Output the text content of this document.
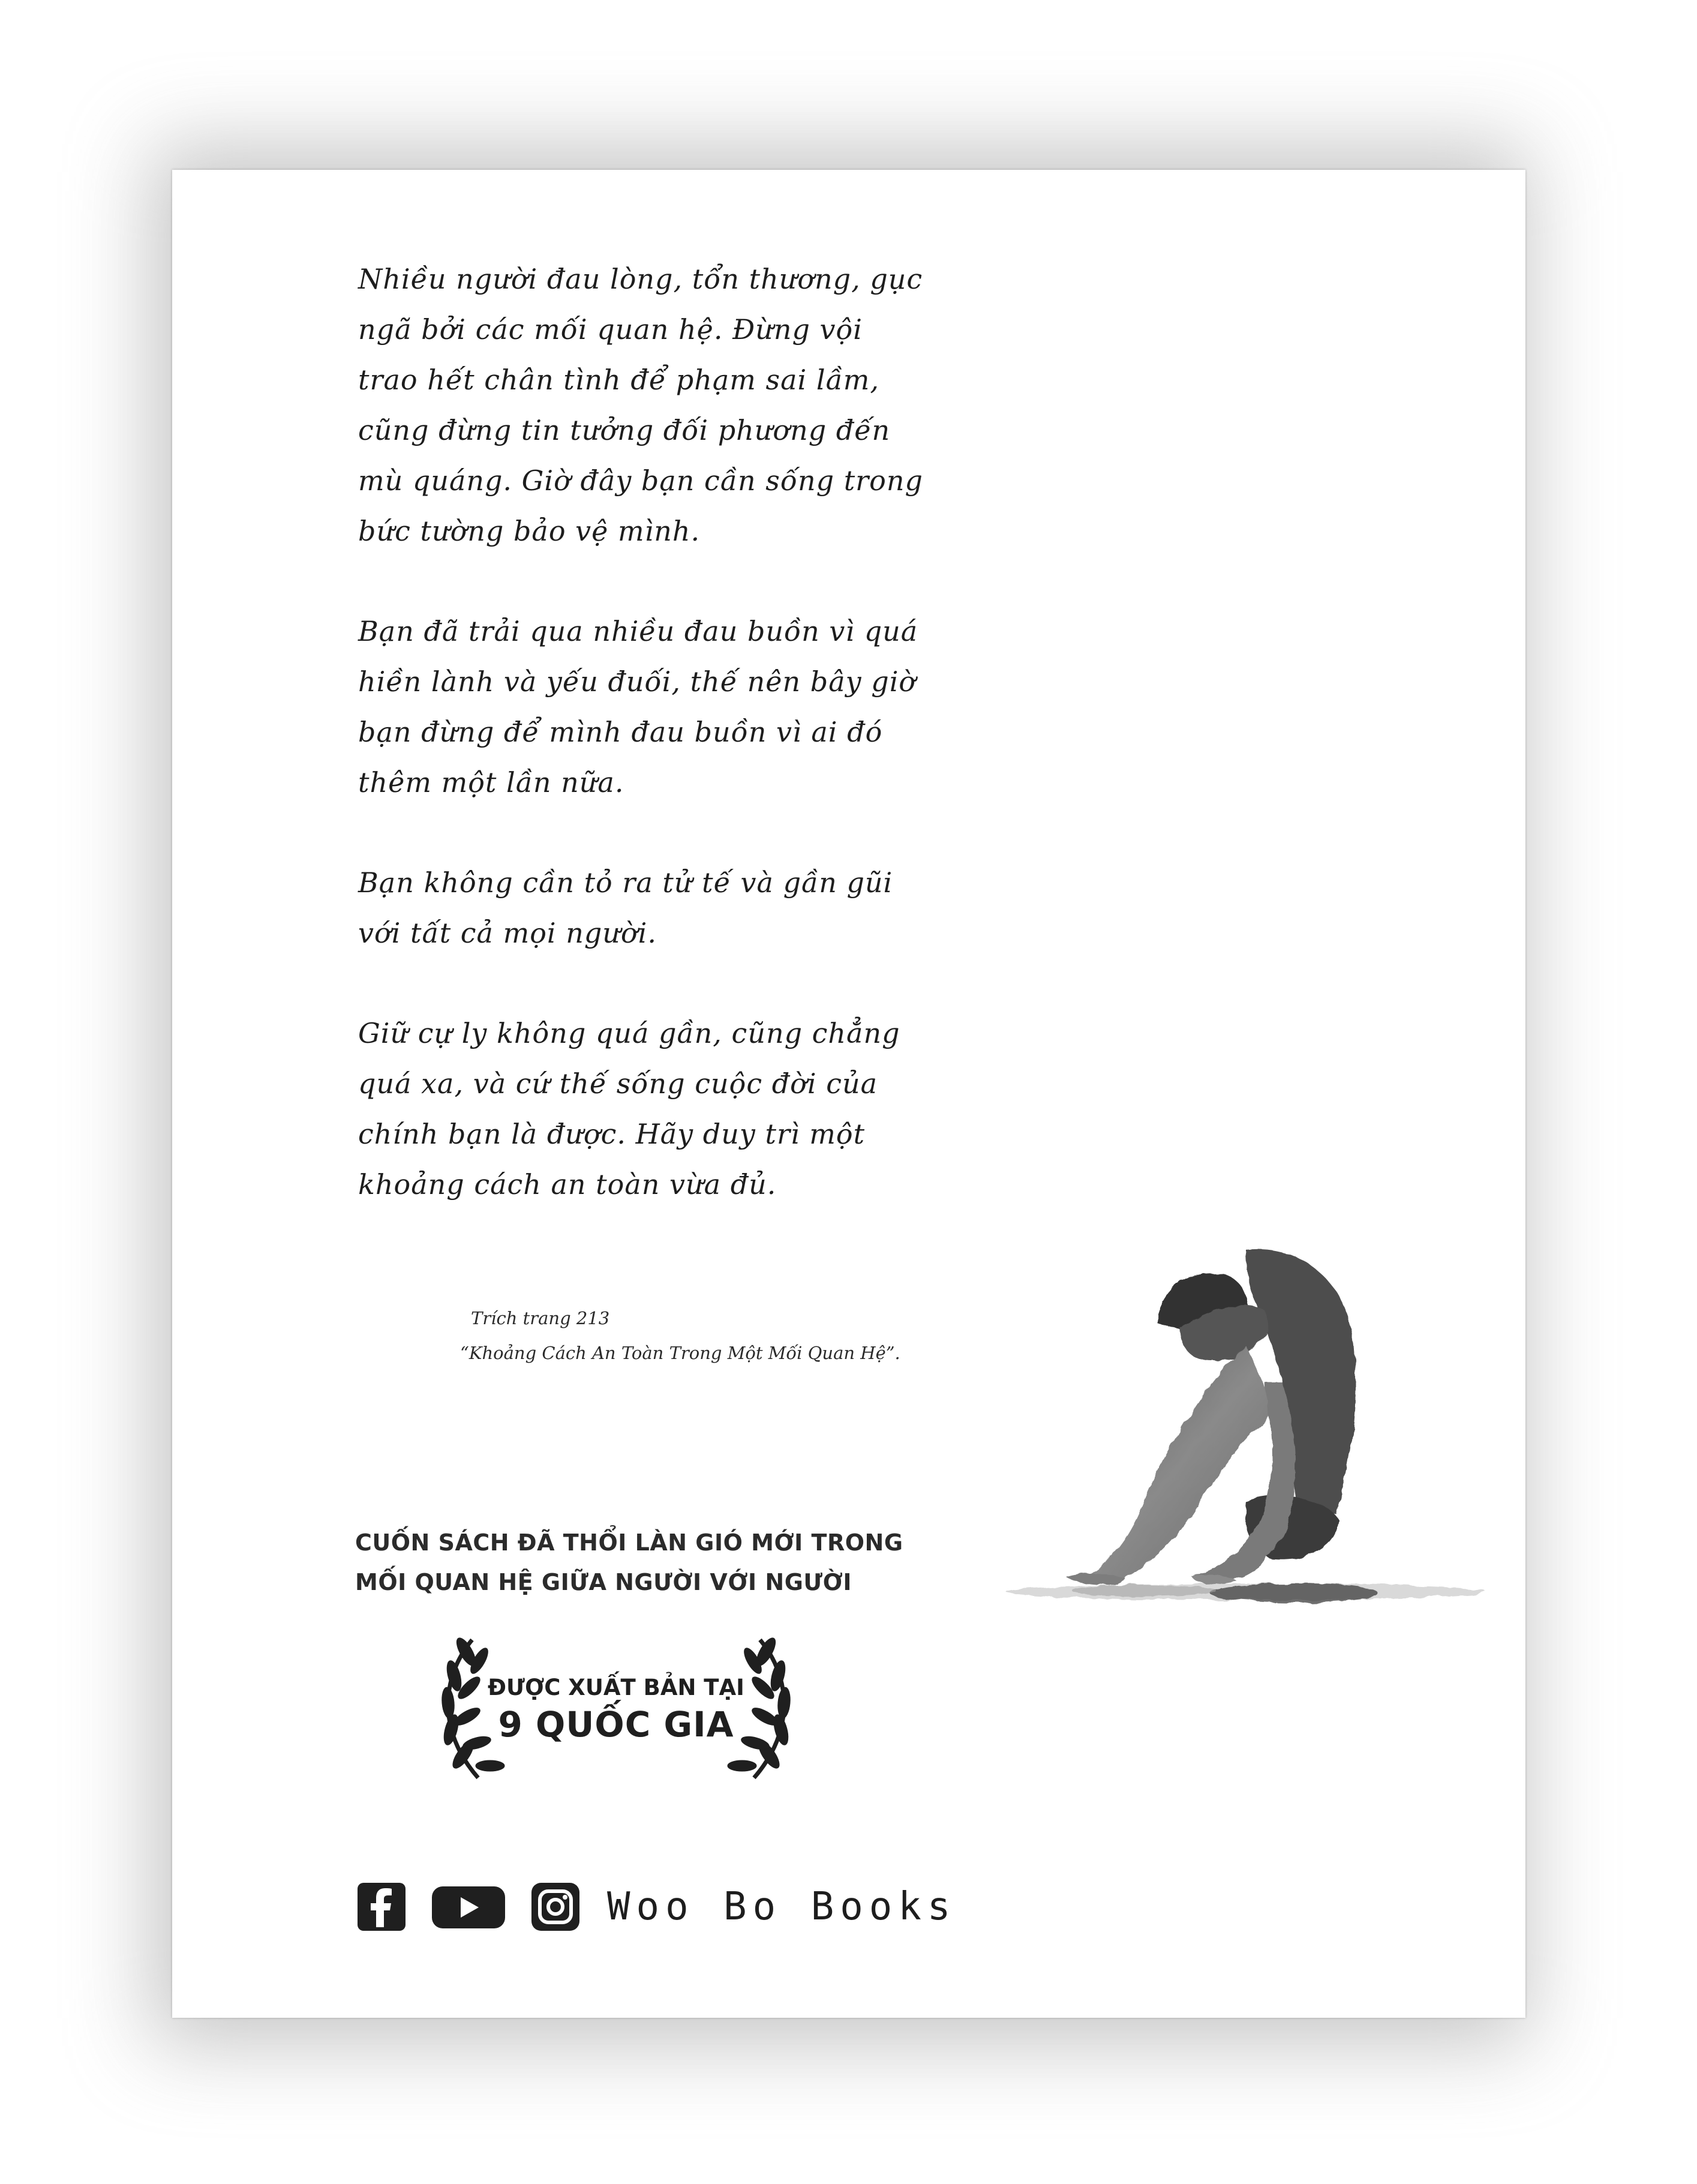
Nhiều người đau lòng, tổn thương, gục
ngã bởi các mối quan hệ. Đừng vội
trao hết chân tình để phạm sai lầm,
cũng đừng tin tưởng đối phương đến
mù quáng. Giờ đây bạn cần sống trong
bức tường bảo vệ mình.

Bạn đã trải qua nhiều đau buồn vì quá
hiền lành và yếu đuối, thế nên bây giờ
bạn đừng để mình đau buồn vì ai đó
thêm một lần nữa.

Bạn không cần tỏ ra tử tế và gần gũi
với tất cả mọi người.

Giữ cự ly không quá gần, cũng chẳng
quá xa, và cứ thế sống cuộc đời của
chính bạn là được. Hãy duy trì một
khoảng cách an toàn vừa đủ.

Trích trang 213
“Khoảng Cách An Toàn Trong Một Mối Quan Hệ”.
CUỐN SÁCH ĐÃ THỔI LÀN GIÓ MỚI TRONG
MỐI QUAN HỆ GIỮA NGƯỜI VỚI NGƯỜI
ĐƯỢC XUẤT BẢN TẠI
9 QUỐC GIA
Woo Bo Books
